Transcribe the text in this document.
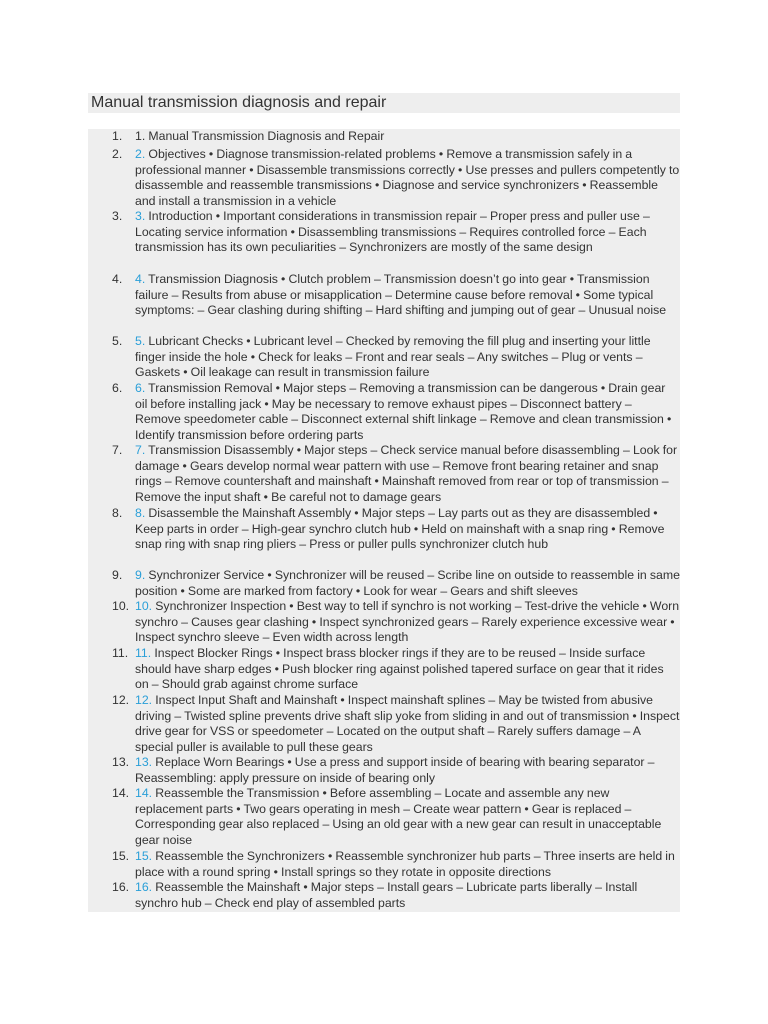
Manual transmission diagnosis and repair
1.	1. Manual Transmission Diagnosis and Repair
2.	2. Objectives • Diagnose transmission-related problems • Remove a transmission safely in a professional manner • Disassemble transmissions correctly • Use presses and pullers competently to disassemble and reassemble transmissions • Diagnose and service synchronizers • Reassemble and install a transmission in a vehicle
3.	3. Introduction • Important considerations in transmission repair – Proper press and puller use – Locating service information • Disassembling transmissions – Requires controlled force – Each transmission has its own peculiarities – Synchronizers are mostly of the same design
4.	4. Transmission Diagnosis • Clutch problem – Transmission doesn’t go into gear • Transmission failure – Results from abuse or misapplication – Determine cause before removal • Some typical symptoms: – Gear clashing during shifting – Hard shifting and jumping out of gear – Unusual noise
5.	5. Lubricant Checks • Lubricant level – Checked by removing the fill plug and inserting your little finger inside the hole • Check for leaks – Front and rear seals – Any switches – Plug or vents – Gaskets • Oil leakage can result in transmission failure
6.	6. Transmission Removal • Major steps – Removing a transmission can be dangerous • Drain gear oil before installing jack • May be necessary to remove exhaust pipes – Disconnect battery – Remove speedometer cable – Disconnect external shift linkage – Remove and clean transmission • Identify transmission before ordering parts
7.	7. Transmission Disassembly • Major steps – Check service manual before disassembling – Look for damage • Gears develop normal wear pattern with use – Remove front bearing retainer and snap rings – Remove countershaft and mainshaft • Mainshaft removed from rear or top of transmission – Remove the input shaft • Be careful not to damage gears
8.	8. Disassemble the Mainshaft Assembly • Major steps – Lay parts out as they are disassembled • Keep parts in order – High-gear synchro clutch hub • Held on mainshaft with a snap ring • Remove snap ring with snap ring pliers – Press or puller pulls synchronizer clutch hub
9.	9. Synchronizer Service • Synchronizer will be reused – Scribe line on outside to reassemble in same position • Some are marked from factory • Look for wear – Gears and shift sleeves
10. 10. Synchronizer Inspection • Best way to tell if synchro is not working – Test-drive the vehicle • Worn synchro – Causes gear clashing • Inspect synchronized gears – Rarely experience excessive wear • Inspect synchro sleeve – Even width across length
11. 11. Inspect Blocker Rings • Inspect brass blocker rings if they are to be reused – Inside surface should have sharp edges • Push blocker ring against polished tapered surface on gear that it rides on – Should grab against chrome surface
12. 12. Inspect Input Shaft and Mainshaft • Inspect mainshaft splines – May be twisted from abusive driving – Twisted spline prevents drive shaft slip yoke from sliding in and out of transmission • Inspect drive gear for VSS or speedometer – Located on the output shaft – Rarely suffers damage – A special puller is available to pull these gears
13. 13. Replace Worn Bearings • Use a press and support inside of bearing with bearing separator – Reassembling: apply pressure on inside of bearing only
14. 14. Reassemble the Transmission • Before assembling – Locate and assemble any new replacement parts • Two gears operating in mesh – Create wear pattern • Gear is replaced – Corresponding gear also replaced – Using an old gear with a new gear can result in unacceptable gear noise
15. 15. Reassemble the Synchronizers • Reassemble synchronizer hub parts – Three inserts are held in place with a round spring • Install springs so they rotate in opposite directions
16. 16. Reassemble the Mainshaft • Major steps – Install gears – Lubricate parts liberally – Install synchro hub – Check end play of assembled parts
